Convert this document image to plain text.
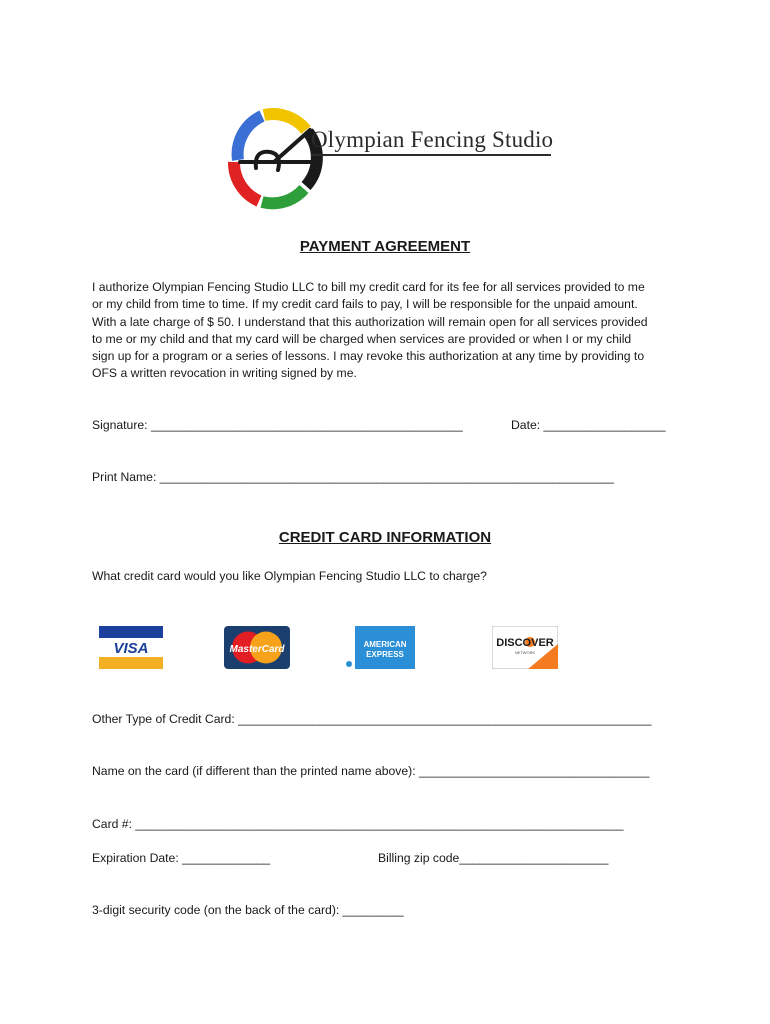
Olympian Fencing Studio
PAYMENT AGREEMENT
I authorize Olympian Fencing Studio LLC to bill my credit card for its fee for all services provided to me
or my child from time to time. If my credit card fails to pay, I will be responsible for the unpaid amount.
With a late charge of $ 50. I understand that this authorization will remain open for all services provided
to me or my child and that my card will be charged when services are provided or when I or my child
sign up for a program or a series of lessons. I may revoke this authorization at any time by providing to
OFS a written revocation in writing signed by me.
Signature: ______________________________________________	Date: __________________
Print Name: ___________________________________________________________________
CREDIT CARD INFORMATION
What credit card would you like Olympian Fencing Studio LLC to charge?
VISA	MasterCard	AMERICAN
EXPRESS
DISCOVER
NETWORK
Other Type of Credit Card: _____________________________________________________________
Name on the card (if different than the printed name above): __________________________________
Card #: ________________________________________________________________________
Expiration Date: _____________	Billing zip code______________________
3-digit security code (on the back of the card): _________
